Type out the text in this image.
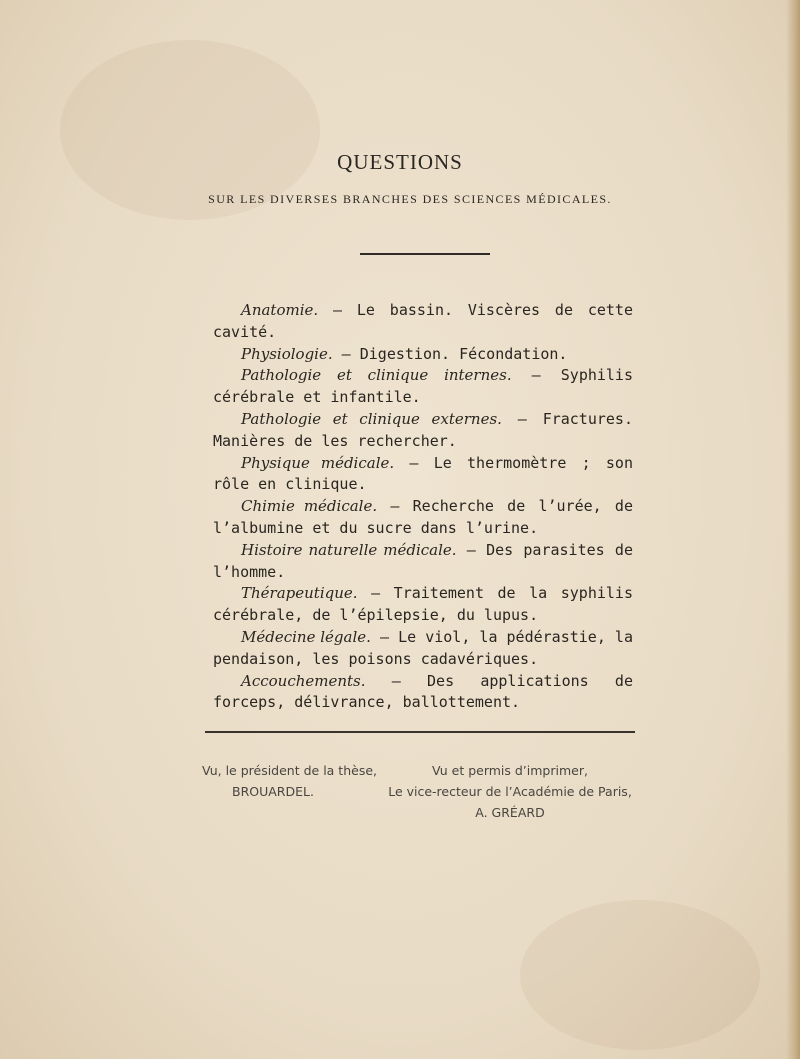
QUESTIONS
SUR LES DIVERSES BRANCHES DES SCIENCES MÉDICALES.

Anatomie. — Le bassin. Viscères de cette cavité.

Physiologie. — Digestion. Fécondation.

Pathologie et clinique internes. — Syphilis cérébrale et infantile.

Pathologie et clinique externes. — Fractures. Manières de les rechercher.

Physique médicale. — Le thermomètre ; son rôle en clinique.

Chimie médicale. — Recherche de l’urée, de l’albumine et du sucre dans l’urine.

Histoire naturelle médicale. — Des parasites de l’homme.

Thérapeutique. — Traitement de la syphilis cérébrale, de l’épilepsie, du lupus.

Médecine légale. — Le viol, la pédérastie, la pendaison, les poisons cadavériques.

Accouchements. — Des applications de forceps, délivrance, ballottement.

Vu, le président de la thèse,
BROUARDEL.
Vu et permis d’imprimer,
Le vice-recteur de l’Académie de Paris,
A. GRÉARD
